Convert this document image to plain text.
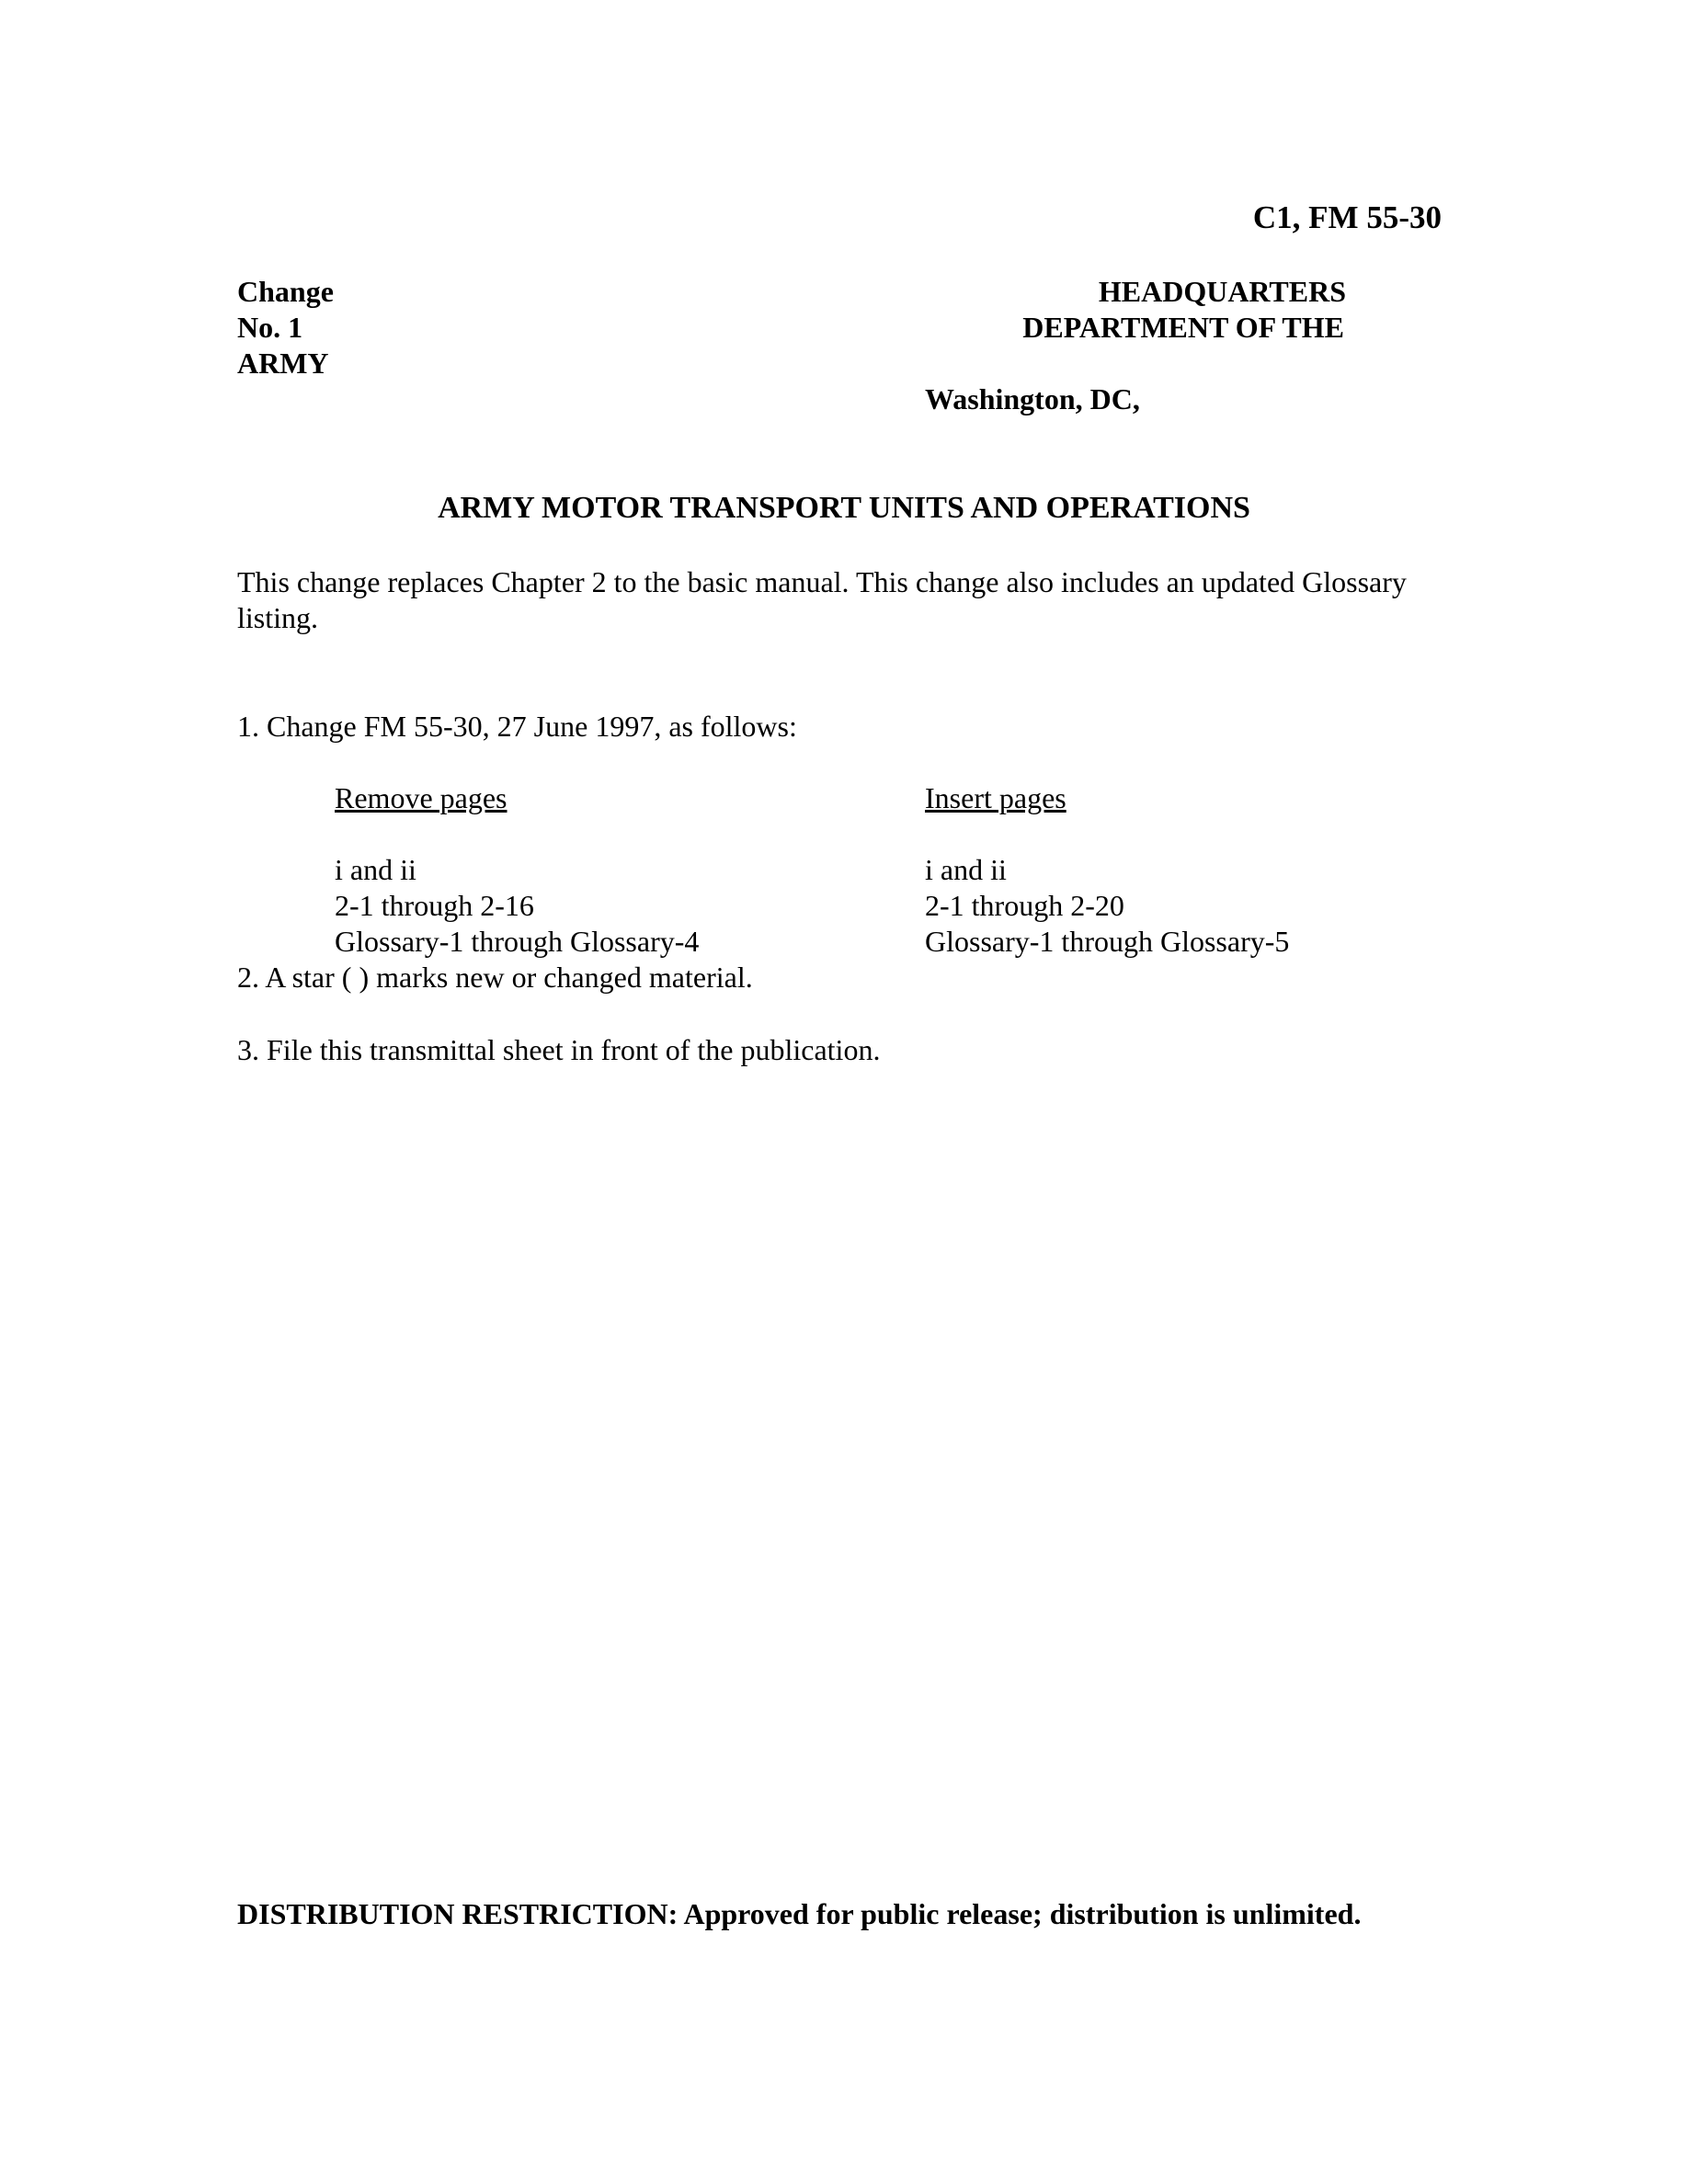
C1, FM 55-30
Change
No. 1
ARMY
HEADQUARTERS
DEPARTMENT OF THE
Washington, DC,
ARMY MOTOR TRANSPORT UNITS AND OPERATIONS
This change replaces Chapter 2 to the basic manual. This change also includes an updated Glossary
listing.
1. Change FM 55-30, 27 June 1997, as follows:
Remove pages	Insert pages
i and ii
2-1 through 2-16
Glossary-1 through Glossary-4
i and ii
2-1 through 2-20
Glossary-1 through Glossary-5
2. A star ( ) marks new or changed material.
3. File this transmittal sheet in front of the publication.
DISTRIBUTION RESTRICTION: Approved for public release; distribution is unlimited.
